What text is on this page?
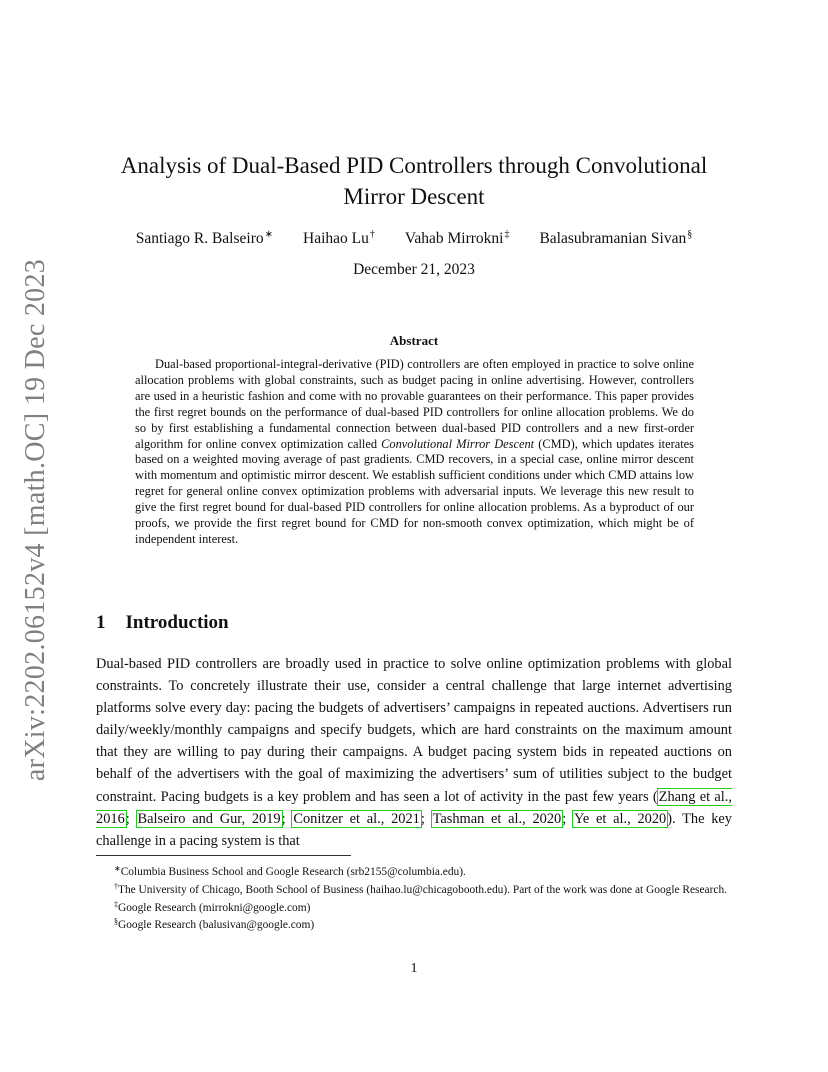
arXiv:2202.06152v4 [math.OC] 19 Dec 2023
Analysis of Dual-Based PID Controllers through Convolutional
Mirror Descent
Santiago R. Balseiro∗ Haihao Lu† Vahab Mirrokni‡ Balasubramanian Sivan§
December 21, 2023
Abstract

Dual-based proportional-integral-derivative (PID) controllers are often employed in practice to solve online allocation problems with global constraints, such as budget pacing in online advertising. However, controllers are used in a heuristic fashion and come with no provable guarantees on their performance. This paper provides the first regret bounds on the performance of dual-based PID controllers for online allocation problems. We do so by first establishing a fundamental connection between dual-based PID controllers and a new first-order algorithm for online convex optimization called Convolutional Mirror Descent (CMD), which updates iterates based on a weighted moving average of past gradients. CMD recovers, in a special case, online mirror descent with momentum and optimistic mirror descent. We establish sufficient conditions under which CMD attains low regret for general online convex optimization problems with adversarial inputs. We leverage this new result to give the first regret bound for dual-based PID controllers for online allocation problems. As a byproduct of our proofs, we provide the first regret bound for CMD for non-smooth convex optimization, which might be of independent interest.

1 Introduction

Dual-based PID controllers are broadly used in practice to solve online optimization problems with global constraints. To concretely illustrate their use, consider a central challenge that large internet advertising platforms solve every day: pacing the budgets of advertisers’ campaigns in repeated auctions. Advertisers run daily/weekly/monthly campaigns and specify budgets, which are hard constraints on the maximum amount that they are willing to pay during their campaigns. A budget pacing system bids in repeated auctions on behalf of the advertisers with the goal of maximizing the advertisers’ sum of utilities subject to the budget constraint. Pacing budgets is a key problem and has seen a lot of activity in the past few years (Zhang et al., 2016; Balseiro and Gur, 2019; Conitzer et al., 2021; Tashman et al., 2020; Ye et al., 2020). The key challenge in a pacing system is that

∗Columbia Business School and Google Research (srb2155@columbia.edu).

†The University of Chicago, Booth School of Business (haihao.lu@chicagobooth.edu). Part of the work was done at Google Research.

‡Google Research (mirrokni@google.com)

§Google Research (balusivan@google.com)

1
